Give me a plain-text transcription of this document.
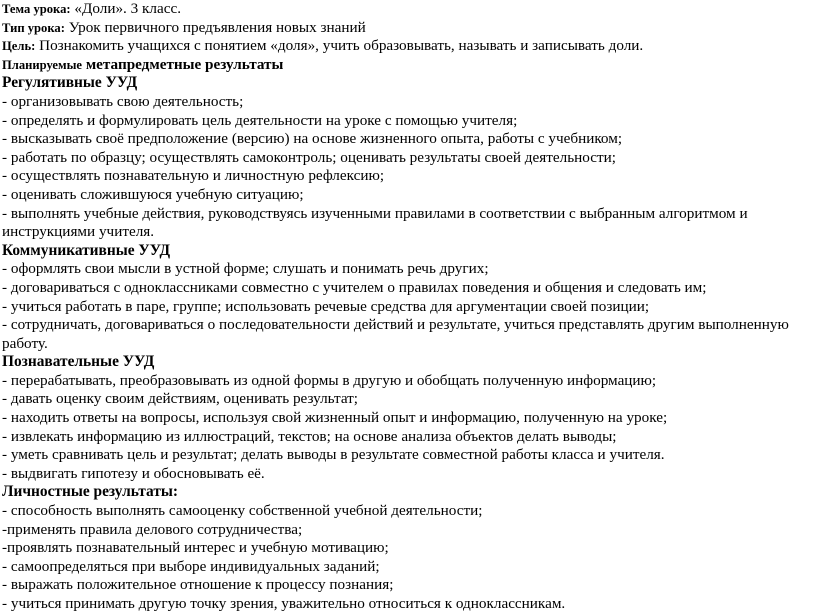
Тема урока: «Доли». 3 класс.

Тип урока: Урок первичного предъявления новых знаний

Цель: Познакомить учащихся с понятием «доля», учить образовывать, называть и записывать доли.

Планируемые метапредметные результаты

Регулятивные УУД

- организовывать свою деятельность;

- определять и формулировать цель деятельности на уроке с помощью учителя;

- высказывать своё предположение (версию) на основе жизненного опыта, работы с учебником;

- работать по образцу; осуществлять самоконтроль; оценивать результаты своей деятельности;

- осуществлять познавательную и личностную рефлексию;

- оценивать сложившуюся учебную ситуацию;

- выполнять учебные действия, руководствуясь изученными правилами в соответствии с выбранным алгоритмом и инструкциями учителя.

Коммуникативные УУД

- оформлять свои мысли в устной форме; слушать и понимать речь других;

- договариваться с одноклассниками совместно с учителем о правилах поведения и общения и следовать им;

- учиться работать в паре, группе; использовать речевые средства для аргументации своей позиции;

- сотрудничать, договариваться о последовательности действий и результате, учиться представлять другим выполненную работу.

Познавательные УУД

- перерабатывать, преобразовывать из одной формы в другую и обобщать полученную информацию;

- давать оценку своим действиям, оценивать результат;

- находить ответы на вопросы, используя свой жизненный опыт и информацию, полученную на уроке;

- извлекать информацию из иллюстраций, текстов; на основе анализа объектов делать выводы;

- уметь сравнивать цель и результат; делать выводы в результате совместной работы класса и учителя.

- выдвигать гипотезу и обосновывать её.

Личностные результаты:

- способность выполнять самооценку собственной учебной деятельности;

-применять правила делового сотрудничества;

-проявлять познавательный интерес и учебную мотивацию;

- самоопределяться при выборе индивидуальных заданий;

- выражать положительное отношение к процессу познания;

- учиться принимать другую точку зрения, уважительно относиться к одноклассникам.
